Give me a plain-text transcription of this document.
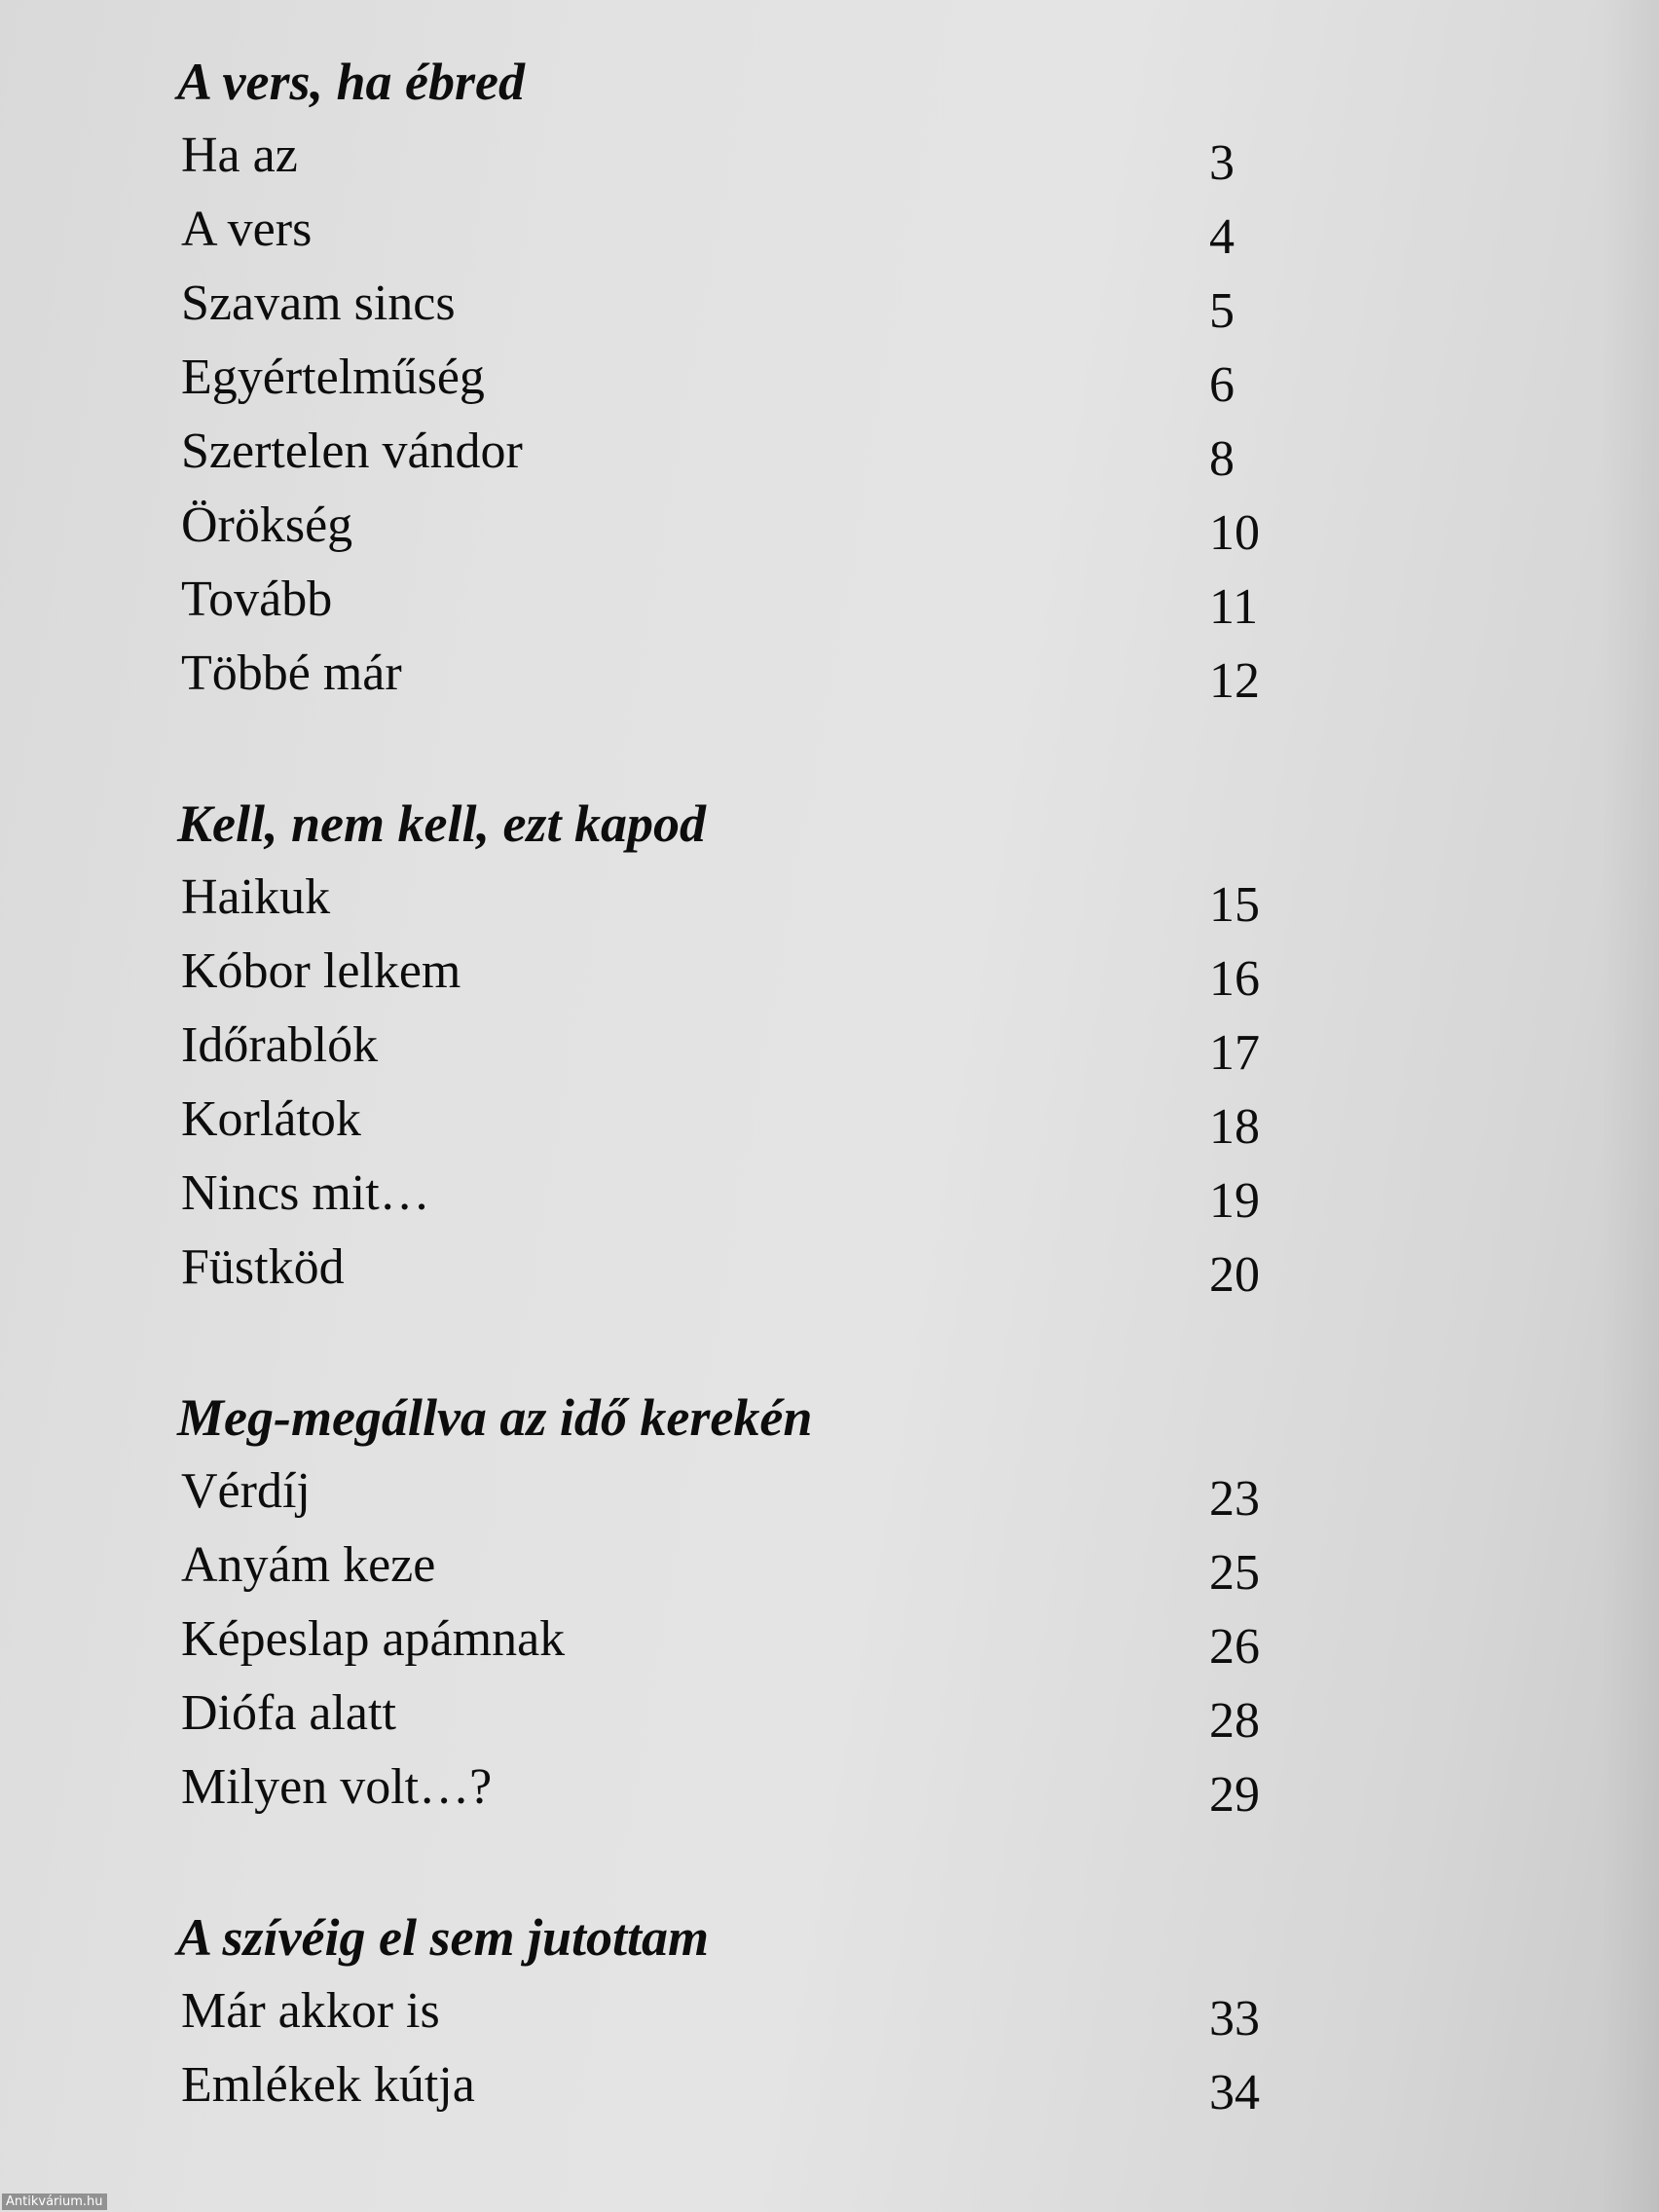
A vers, ha ébred
Ha az	3
A vers	4
Szavam sincs	5
Egyértelműség	6
Szertelen vándor	8
Örökség	10
Tovább	11
Többé már	12
Kell, nem kell, ezt kapod
Haikuk	15
Kóbor lelkem	16
Időrablók	17
Korlátok	18
Nincs mit…	19
Füstköd	20
Meg-megállva az idő kerekén
Vérdíj	23
Anyám keze	25
Képeslap apámnak	26
Diófa alatt	28
Milyen volt…?	29
A szívéig el sem jutottam
Már akkor is	33
Emlékek kútja	34
Antikvárium.hu
